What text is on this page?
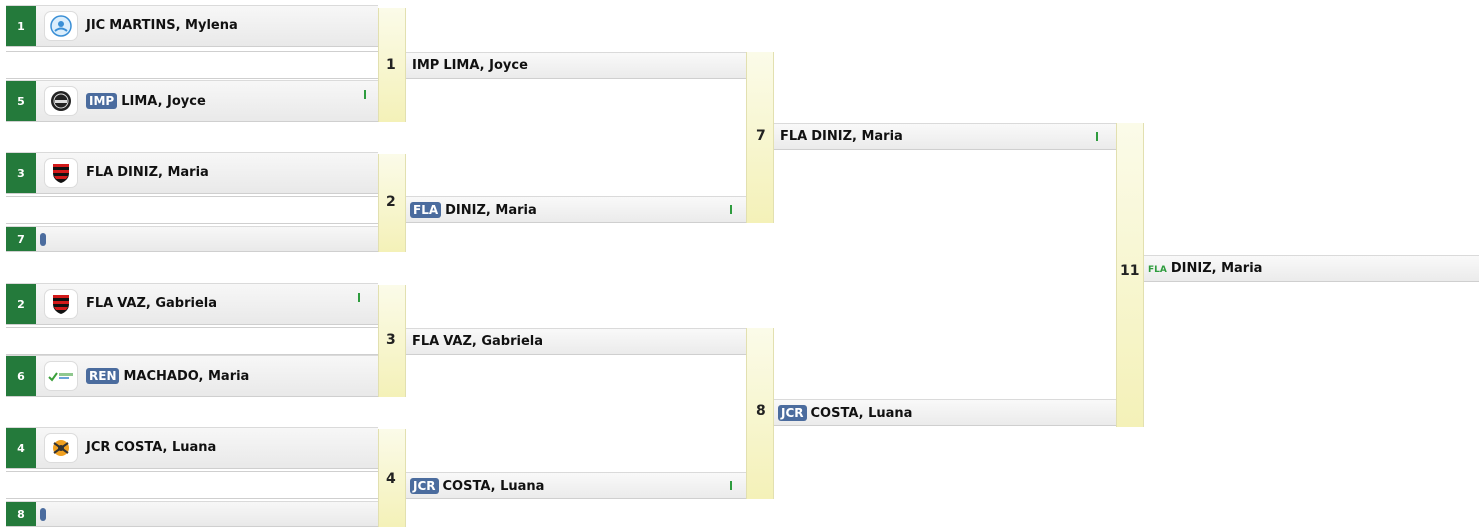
1	JIC MARTINS, Mylena
5	IMP LIMA, Joyce
3	FLA DINIZ, Maria
7
2	FLA VAZ, Gabriela
6	REN MACHADO, Maria
4	JCR COSTA, Luana
8
1
2
3
4
IMP LIMA, Joyce
FLA DINIZ, Maria
FLA VAZ, Gabriela
JCR COSTA, Luana
7
8
FLA DINIZ, Maria
JCR COSTA, Luana
11 FLA DINIZ, Maria
